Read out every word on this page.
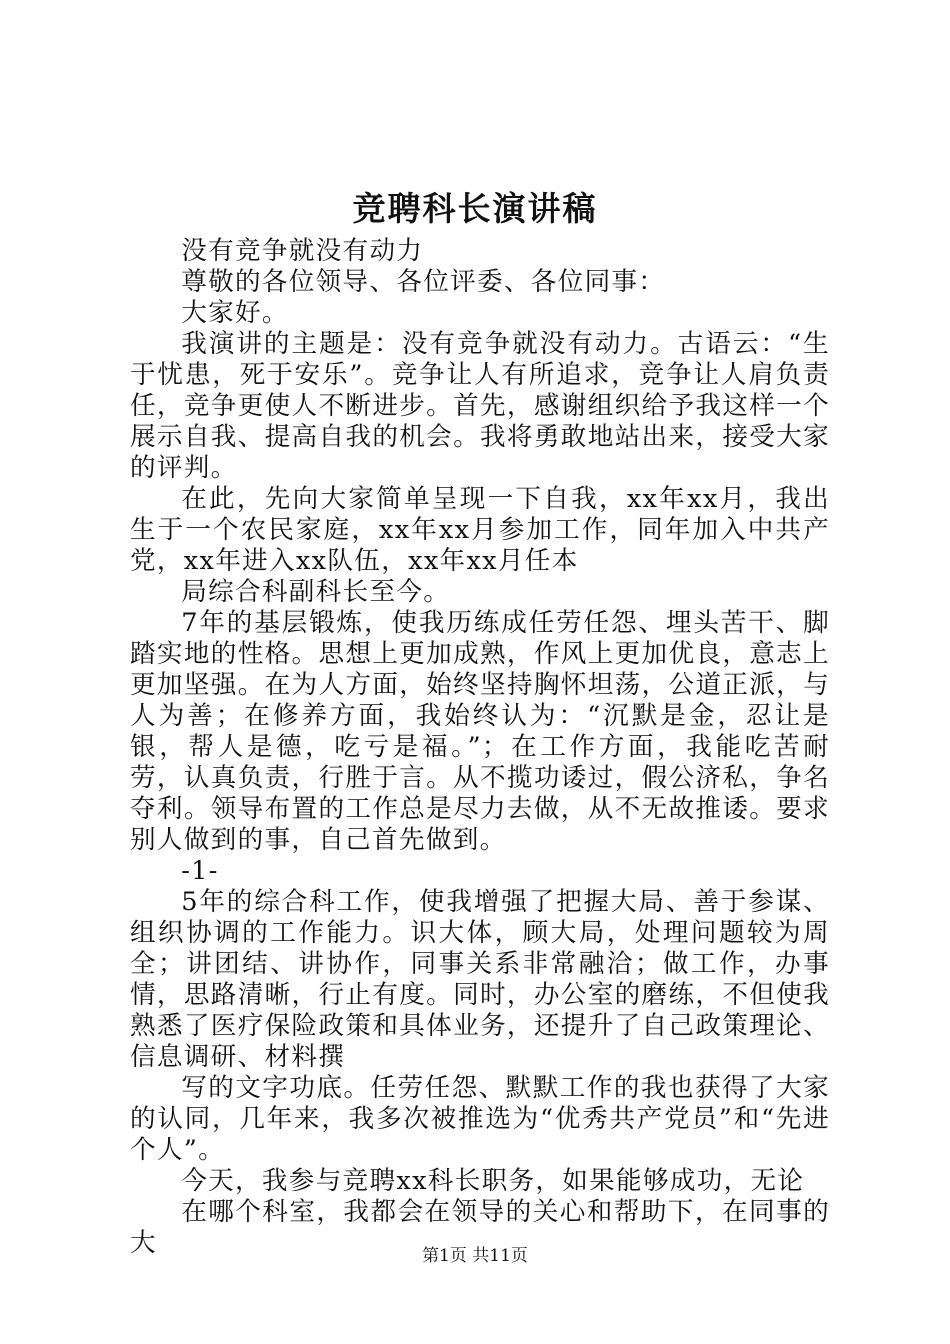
竞聘科长演讲稿

没有竞争就没有动力

尊敬的各位领导、各位评委、各位同事：

大家好。

我演讲的主题是：没有竞争就没有动力。古语云：“生于忧患，死于安乐”。竞争让人有所追求，竞争让人肩负责任，竞争更使人不断进步。首先，感谢组织给予我这样一个展示自我、提高自我的机会。我将勇敢地站出来，接受大家的评判。

在此，先向大家简单呈现一下自我，xx年xx月，我出生于一个农民家庭，xx年xx月参加工作，同年加入中共产党，xx年进入xx队伍，xx年xx月任本

局综合科副科长至今。

7年的基层锻炼，使我历练成任劳任怨、埋头苦干、脚踏实地的性格。思想上更加成熟，作风上更加优良，意志上更加坚强。在为人方面，始终坚持胸怀坦荡，公道正派，与人为善；在修养方面，我始终认为：“沉默是金，忍让是银，帮人是德，吃亏是福。”；在工作方面，我能吃苦耐劳，认真负责，行胜于言。从不揽功诿过，假公济私，争名夺利。领导布置的工作总是尽力去做，从不无故推诿。要求别人做到的事，自己首先做到。

-1-

5年的综合科工作，使我增强了把握大局、善于参谋、组织协调的工作能力。识大体，顾大局，处理问题较为周全；讲团结、讲协作，同事关系非常融洽；做工作，办事情，思路清晰，行止有度。同时，办公室的磨练，不但使我熟悉了医疗保险政策和具体业务，还提升了自己政策理论、信息调研、材料撰

写的文字功底。任劳任怨、默默工作的我也获得了大家的认同，几年来，我多次被推选为“优秀共产党员”和“先进个人”。

今天，我参与竞聘xx科长职务，如果能够成功，无论

在哪个科室，我都会在领导的关心和帮助下，在同事的大	第1页 共11页
